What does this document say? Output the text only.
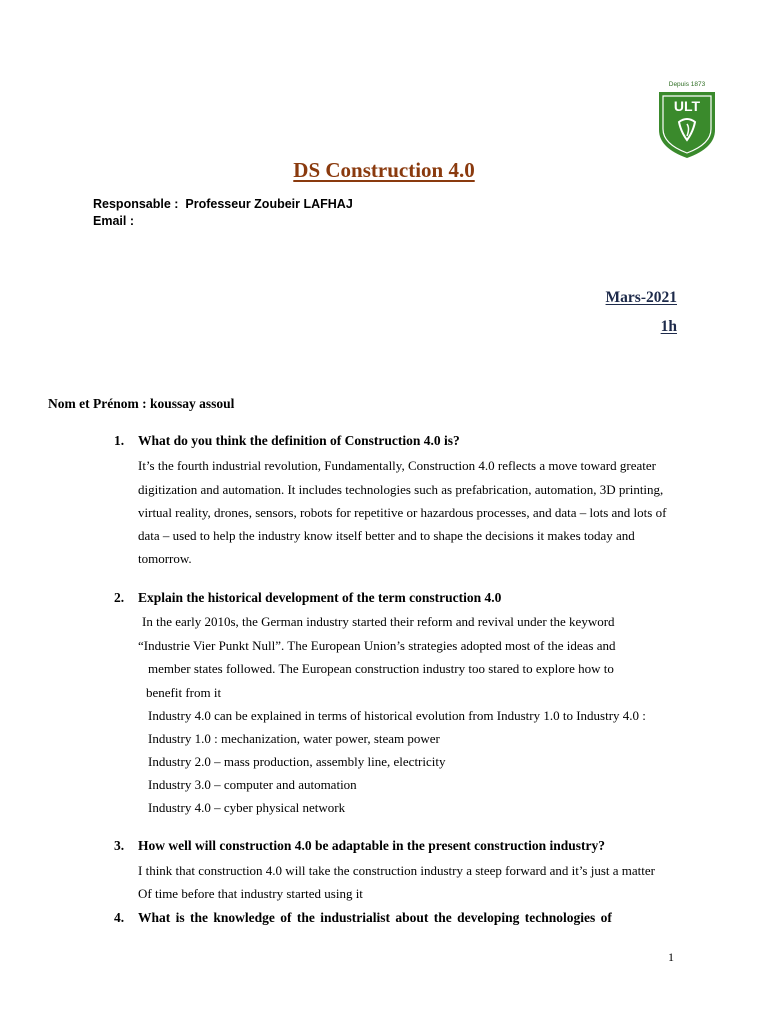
Depuis 1873
ULT
DS Construction 4.0
Responsable : Professeur Zoubeir LAFHAJ
Email :
Mars-2021
1h
Nom et Prénom : koussay assoul
1. What do you think the definition of Construction 4.0 is?
It’s the fourth industrial revolution, Fundamentally, Construction 4.0 reflects a move toward greater
digitization and automation. It includes technologies such as prefabrication, automation, 3D printing,
virtual reality, drones, sensors, robots for repetitive or hazardous processes, and data – lots and lots of
data – used to help the industry know itself better and to shape the decisions it makes today and
tomorrow.
2. Explain the historical development of the term construction 4.0
In the early 2010s, the German industry started their reform and revival under the keyword
“Industrie Vier Punkt Null”. The European Union’s strategies adopted most of the ideas and
member states followed. The European construction industry too stared to explore how to
benefit from it
Industry 4.0 can be explained in terms of historical evolution from Industry 1.0 to Industry 4.0 :
Industry 1.0 : mechanization, water power, steam power
Industry 2.0 – mass production, assembly line, electricity
Industry 3.0 – computer and automation
Industry 4.0 – cyber physical network
3. How well will construction 4.0 be adaptable in the present construction industry?
I think that construction 4.0 will take the construction industry a steep forward and it’s just a matter
Of time before that industry started using it
4. What is the knowledge of the industrialist about the developing technologies of
1
